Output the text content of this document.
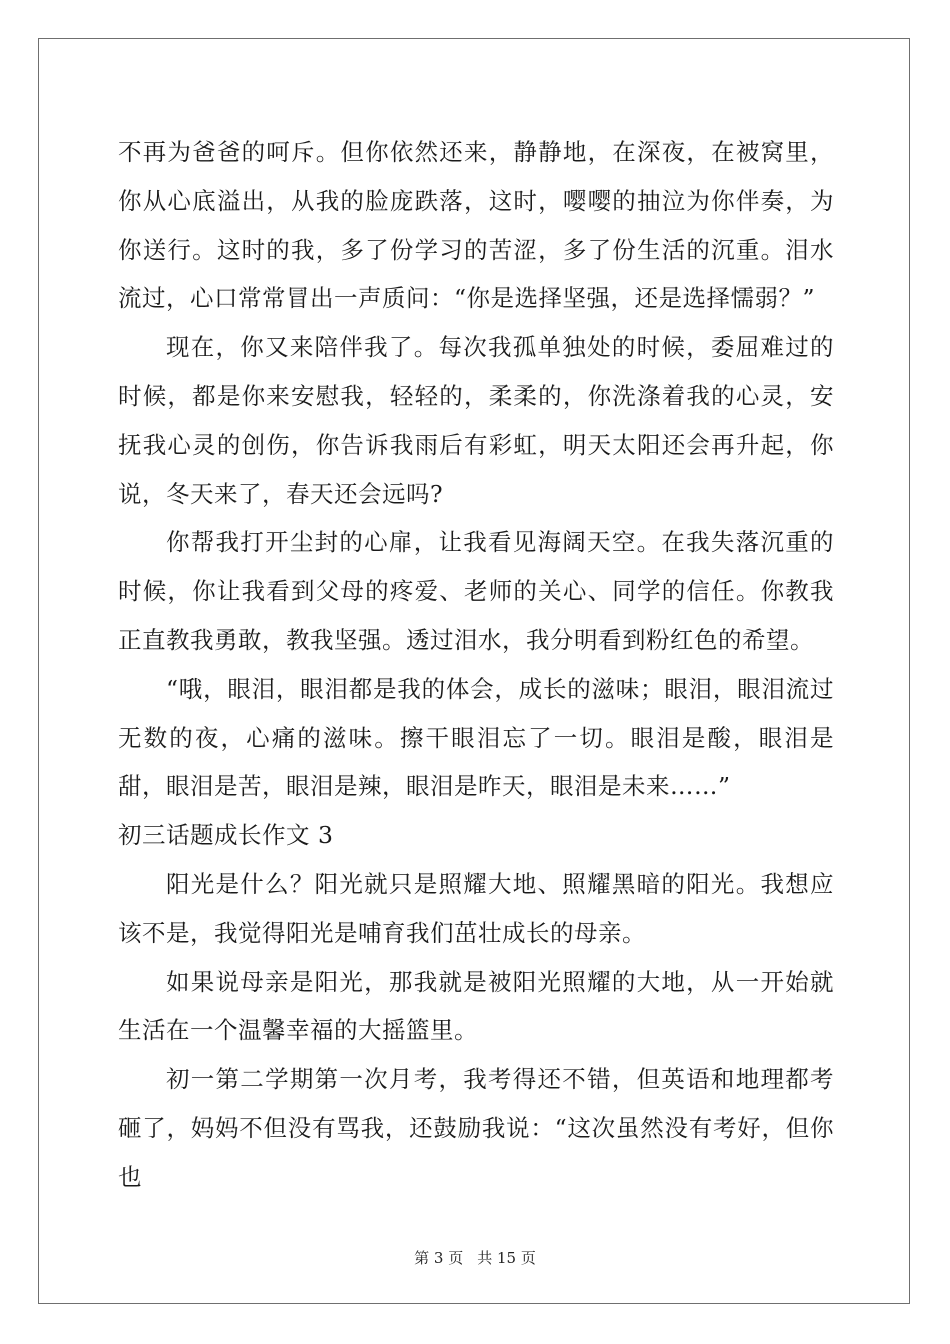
不再为爸爸的呵斥。但你依然还来，静静地，在深夜，在被窝里，你从心底溢出，从我的脸庞跌落，这时，嘤嘤的抽泣为你伴奏，为你送行。这时的我，多了份学习的苦涩，多了份生活的沉重。泪水流过，心口常常冒出一声质问：“你是选择坚强，还是选择懦弱？”

现在，你又来陪伴我了。每次我孤单独处的时候，委屈难过的时候，都是你来安慰我，轻轻的，柔柔的，你洗涤着我的心灵，安抚我心灵的创伤，你告诉我雨后有彩虹，明天太阳还会再升起，你说，冬天来了，春天还会远吗?

你帮我打开尘封的心扉，让我看见海阔天空。在我失落沉重的时候，你让我看到父母的疼爱、老师的关心、同学的信任。你教我正直教我勇敢，教我坚强。透过泪水，我分明看到粉红色的希望。

“哦，眼泪，眼泪都是我的体会，成长的滋味；眼泪，眼泪流过无数的夜，心痛的滋味。擦干眼泪忘了一切。眼泪是酸，眼泪是甜，眼泪是苦，眼泪是辣，眼泪是昨天，眼泪是未来……”

初三话题成长作文 3

阳光是什么？阳光就只是照耀大地、照耀黑暗的阳光。我想应该不是，我觉得阳光是哺育我们茁壮成长的母亲。

如果说母亲是阳光，那我就是被阳光照耀的大地，从一开始就生活在一个温馨幸福的大摇篮里。

初一第二学期第一次月考，我考得还不错，但英语和地理都考砸了，妈妈不但没有骂我，还鼓励我说：“这次虽然没有考好，但你也

第 3 页 共 15 页
